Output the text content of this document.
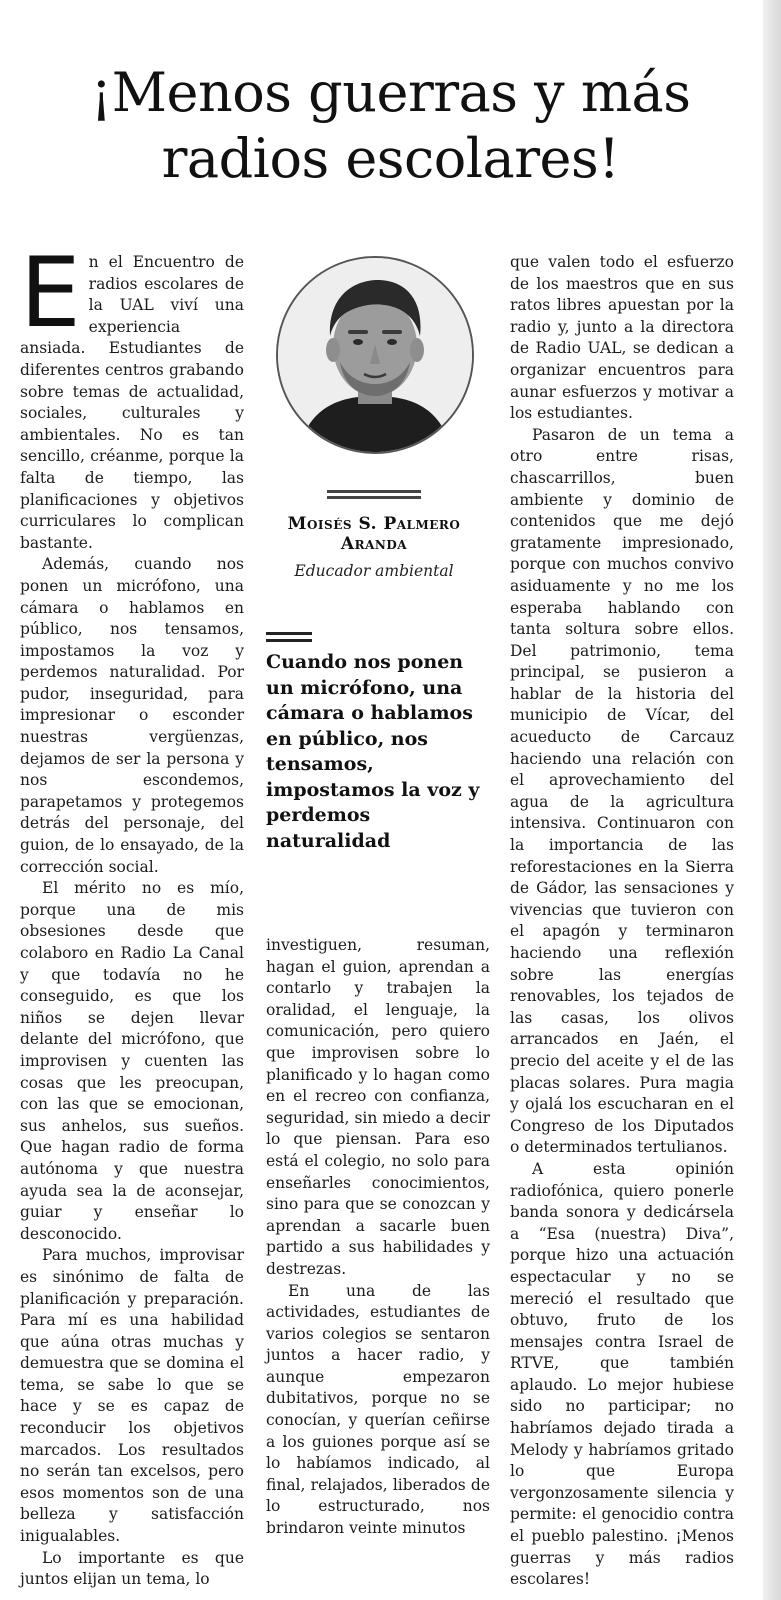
¡Menos guerras y más radios escolares!

En el Encuentro de radios escolares de la UAL viví una experiencia ansiada. Estudiantes de diferentes centros grabando sobre temas de actualidad, sociales, culturales y ambientales. No es tan sencillo, créanme, porque la falta de tiempo, las planificaciones y objetivos curriculares lo complican bastante.

Además, cuando nos ponen un micrófono, una cámara o hablamos en público, nos tensamos, impostamos la voz y perdemos naturalidad. Por pudor, inseguridad, para impresionar o esconder nuestras vergüenzas, dejamos de ser la persona y nos escondemos, parapetamos y protegemos detrás del personaje, del guion, de lo ensayado, de la corrección social.

El mérito no es mío, porque una de mis obsesiones desde que colaboro en Radio La Canal y que todavía no he conseguido, es que los niños se dejen llevar delante del micrófono, que improvisen y cuenten las cosas que les preocupan, con las que se emocionan, sus anhelos, sus sueños. Que hagan radio de forma autónoma y que nuestra ayuda sea la de aconsejar, guiar y enseñar lo desconocido.

Para muchos, improvisar es sinónimo de falta de planificación y preparación. Para mí es una habilidad que aúna otras muchas y demuestra que se domina el tema, se sabe lo que se hace y se es capaz de reconducir los objetivos marcados. Los resultados no serán tan excelsos, pero esos momentos son de una belleza y satisfacción inigualables.

Lo importante es que juntos elijan un tema, lo

Moisés S. Palmero Aranda
Educador ambiental
Cuando nos ponen un micrófono, una cámara o hablamos en público, nos tensamos, impostamos la voz y perdemos naturalidad

investiguen, resuman, hagan el guion, aprendan a contarlo y trabajen la oralidad, el lenguaje, la comunicación, pero quiero que improvisen sobre lo planificado y lo hagan como en el recreo con confianza, seguridad, sin miedo a decir lo que piensan. Para eso está el colegio, no solo para enseñarles conocimientos, sino para que se conozcan y aprendan a sacarle buen partido a sus habilidades y destrezas.

En una de las actividades, estudiantes de varios colegios se sentaron juntos a hacer radio, y aunque empezaron dubitativos, porque no se conocían, y querían ceñirse a los guiones porque así se lo habíamos indicado, al final, relajados, liberados de lo estructurado, nos brindaron veinte minutos

que valen todo el esfuerzo de los maestros que en sus ratos libres apuestan por la radio y, junto a la directora de Radio UAL, se dedican a organizar encuentros para aunar esfuerzos y motivar a los estudiantes.

Pasaron de un tema a otro entre risas, chascarrillos, buen ambiente y dominio de contenidos que me dejó gratamente impresionado, porque con muchos convivo asiduamente y no me los esperaba hablando con tanta soltura sobre ellos. Del patrimonio, tema principal, se pusieron a hablar de la historia del municipio de Vícar, del acueducto de Carcauz haciendo una relación con el aprovechamiento del agua de la agricultura intensiva. Continuaron con la importancia de las reforestaciones en la Sierra de Gádor, las sensaciones y vivencias que tuvieron con el apagón y terminaron haciendo una reflexión sobre las energías renovables, los tejados de las casas, los olivos arrancados en Jaén, el precio del aceite y el de las placas solares. Pura magia y ojalá los escucharan en el Congreso de los Diputados o determinados tertulianos.

A esta opinión radiofónica, quiero ponerle banda sonora y dedicársela a “Esa (nuestra) Diva”, porque hizo una actuación espectacular y no se mereció el resultado que obtuvo, fruto de los mensajes contra Israel de RTVE, que también aplaudo. Lo mejor hubiese sido no participar; no habríamos dejado tirada a Melody y habríamos gritado lo que Europa vergonzosamente silencia y permite: el genocidio contra el pueblo palestino. ¡Menos guerras y más radios escolares!
